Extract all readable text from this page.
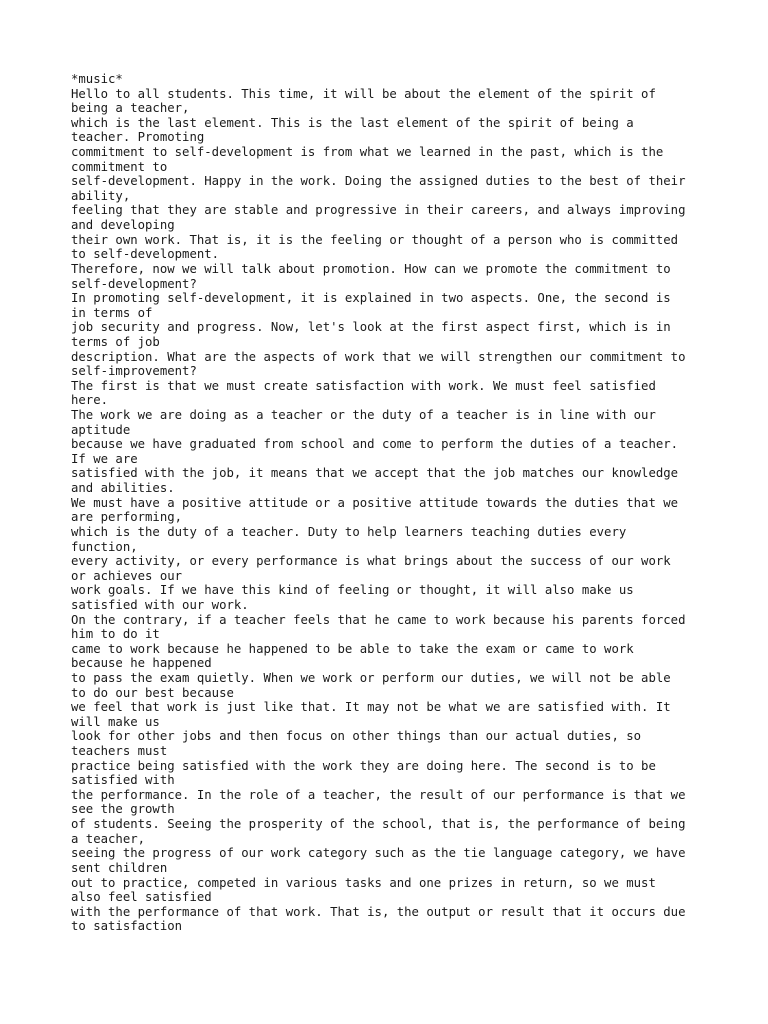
*music*
Hello to all students. This time, it will be about the element of the spirit of
being a teacher,
which is the last element. This is the last element of the spirit of being a
teacher. Promoting
commitment to self-development is from what we learned in the past, which is the
commitment to
self-development. Happy in the work. Doing the assigned duties to the best of their
ability,
feeling that they are stable and progressive in their careers, and always improving
and developing
their own work. That is, it is the feeling or thought of a person who is committed
to self-development.
Therefore, now we will talk about promotion. How can we promote the commitment to
self-development?
In promoting self-development, it is explained in two aspects. One, the second is
in terms of
job security and progress. Now, let's look at the first aspect first, which is in
terms of job
description. What are the aspects of work that we will strengthen our commitment to
self-improvement?
The first is that we must create satisfaction with work. We must feel satisfied
here.
The work we are doing as a teacher or the duty of a teacher is in line with our
aptitude
because we have graduated from school and come to perform the duties of a teacher.
If we are
satisfied with the job, it means that we accept that the job matches our knowledge
and abilities.
We must have a positive attitude or a positive attitude towards the duties that we
are performing,
which is the duty of a teacher. Duty to help learners teaching duties every
function,
every activity, or every performance is what brings about the success of our work
or achieves our
work goals. If we have this kind of feeling or thought, it will also make us
satisfied with our work.
On the contrary, if a teacher feels that he came to work because his parents forced
him to do it
came to work because he happened to be able to take the exam or came to work
because he happened
to pass the exam quietly. When we work or perform our duties, we will not be able
to do our best because
we feel that work is just like that. It may not be what we are satisfied with. It
will make us
look for other jobs and then focus on other things than our actual duties, so
teachers must
practice being satisfied with the work they are doing here. The second is to be
satisfied with
the performance. In the role of a teacher, the result of our performance is that we
see the growth
of students. Seeing the prosperity of the school, that is, the performance of being
a teacher,
seeing the progress of our work category such as the tie language category, we have
sent children
out to practice, competed in various tasks and one prizes in return, so we must
also feel satisfied
with the performance of that work. That is, the output or result that it occurs due
to satisfaction
